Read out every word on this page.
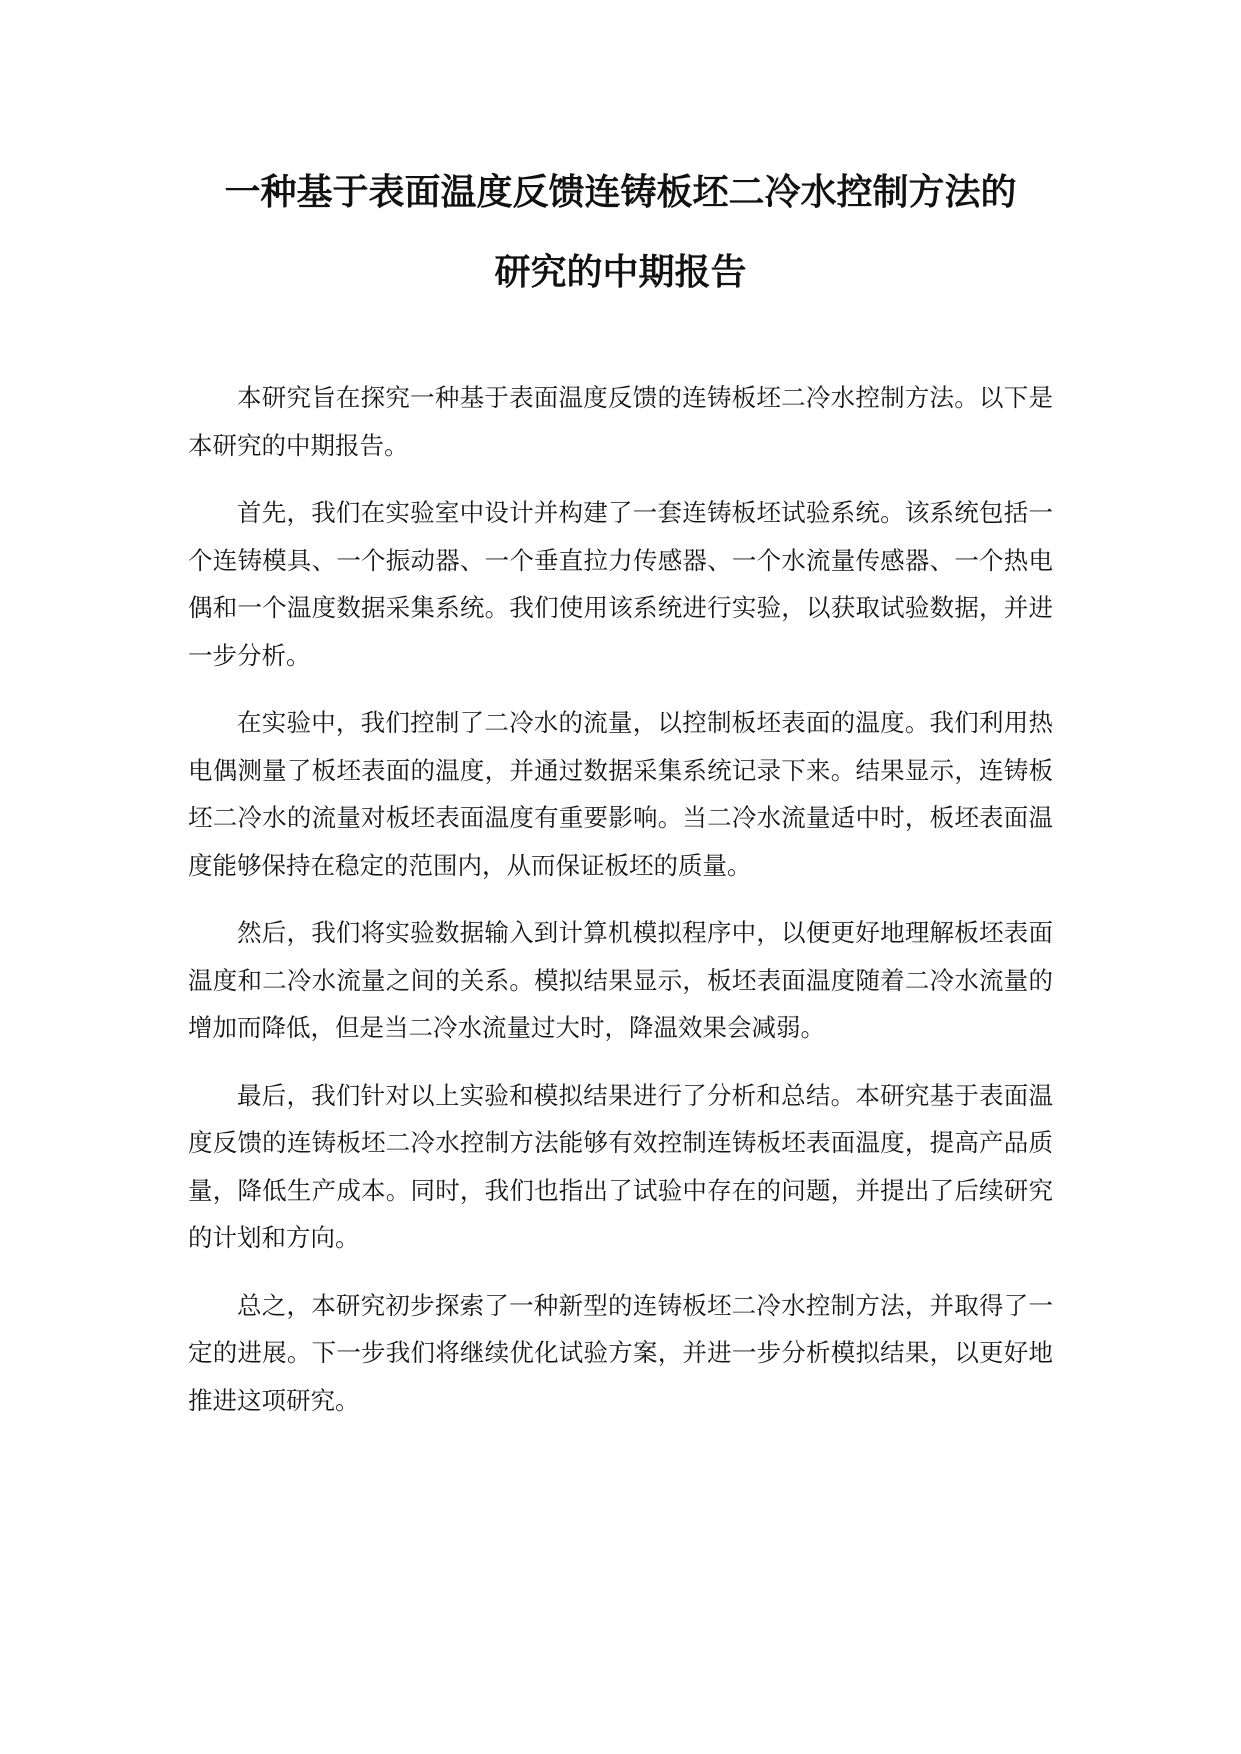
一种基于表面温度反馈连铸板坯二冷水控制方法的
研究的中期报告

本研究旨在探究一种基于表面温度反馈的连铸板坯二冷水控制方法。以下是本研究的中期报告。

首先，我们在实验室中设计并构建了一套连铸板坯试验系统。该系统包括一个连铸模具、一个振动器、一个垂直拉力传感器、一个水流量传感器、一个热电偶和一个温度数据采集系统。我们使用该系统进行实验，以获取试验数据，并进一步分析。

在实验中，我们控制了二冷水的流量，以控制板坯表面的温度。我们利用热电偶测量了板坯表面的温度，并通过数据采集系统记录下来。结果显示，连铸板坯二冷水的流量对板坯表面温度有重要影响。当二冷水流量适中时，板坯表面温度能够保持在稳定的范围内，从而保证板坯的质量。

然后，我们将实验数据输入到计算机模拟程序中，以便更好地理解板坯表面温度和二冷水流量之间的关系。模拟结果显示，板坯表面温度随着二冷水流量的增加而降低，但是当二冷水流量过大时，降温效果会减弱。

最后，我们针对以上实验和模拟结果进行了分析和总结。本研究基于表面温度反馈的连铸板坯二冷水控制方法能够有效控制连铸板坯表面温度，提高产品质量，降低生产成本。同时，我们也指出了试验中存在的问题，并提出了后续研究的计划和方向。

总之，本研究初步探索了一种新型的连铸板坯二冷水控制方法，并取得了一定的进展。下一步我们将继续优化试验方案，并进一步分析模拟结果，以更好地推进这项研究。
